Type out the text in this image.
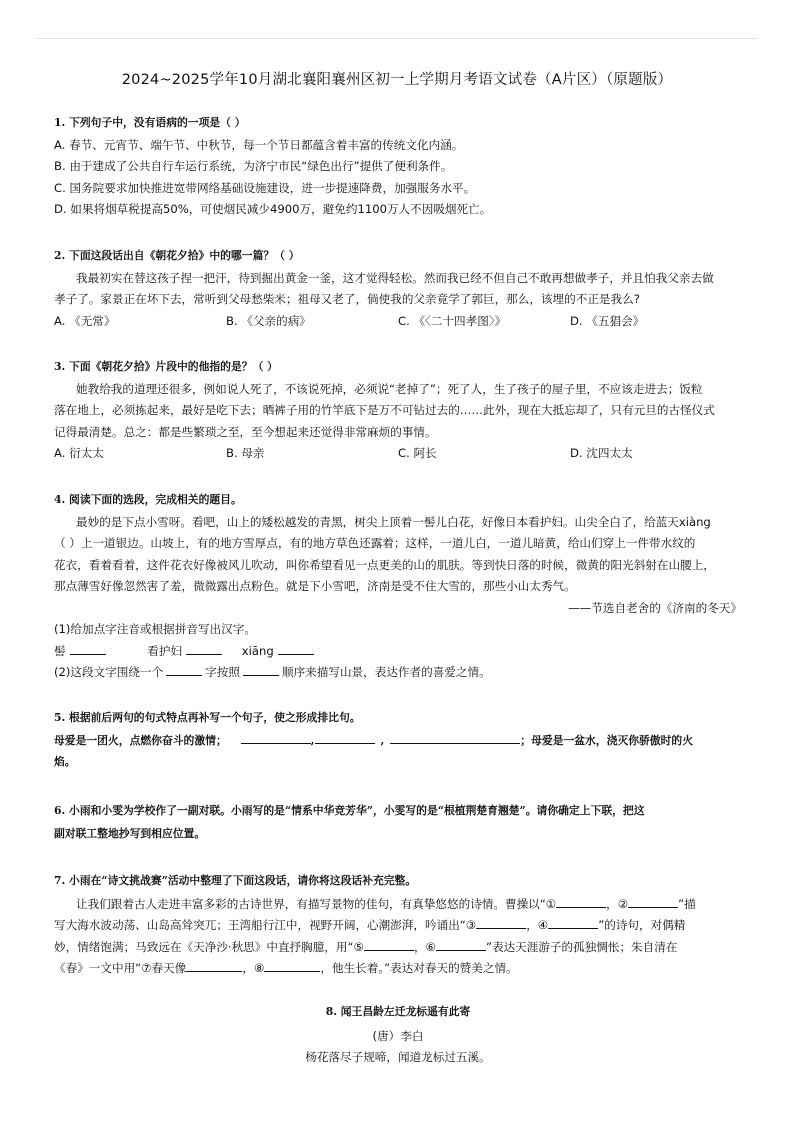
2024~2025学年10月湖北襄阳襄州区初一上学期月考语文试卷（A片区）（原题版）
1. 下列句子中，没有语病的一项是（ ）
A. 春节、元宵节、端午节、中秋节，每一个节日都蕴含着丰富的传统文化内涵。
B. 由于建成了公共自行车运行系统，为济宁市民“绿色出行”提供了便利条件。
C. 国务院要求加快推进宽带网络基础设施建设，进一步提速降费，加强服务水平。
D. 如果将烟草税提高50%，可使烟民减少4900万，避免约1100万人不因吸烟死亡。
2. 下面这段话出自《朝花夕拾》中的哪一篇？（ ）
我最初实在替这孩子捏一把汗，待到掘出黄金一釜，这才觉得轻松。然而我已经不但自己不敢再想做孝子，并且怕我父亲去做
孝子了。家景正在坏下去，常听到父母愁柴米；祖母又老了，倘使我的父亲竟学了郭巨，那么，该埋的不正是我么?
A. 《无常》	B. 《父亲的病》	C. 《〈二十四孝图〉》	D. 《五猖会》
3. 下面《朝花夕拾》片段中的他指的是？（ ）
她教给我的道理还很多，例如说人死了，不该说死掉，必须说“老掉了”；死了人，生了孩子的屋子里，不应该走进去；饭粒
落在地上，必须拣起来，最好是吃下去；晒裤子用的竹竿底下是万不可钻过去的……此外，现在大抵忘却了，只有元旦的古怪仪式
记得最清楚。总之：都是些繁琐之至，至今想起来还觉得非常麻烦的事情。
A. 衍太太	B. 母亲	C. 阿长	D. 沈四太太
4. 阅读下面的选段，完成相关的题目。
最妙的是下点小雪呀。看吧，山上的矮松越发的青黑，树尖上顶着一髻儿白花，好像日本看护妇。山尖全白了，给蓝天xiàng
（ ）上一道银边。山坡上，有的地方雪厚点，有的地方草色还露着；这样，一道儿白，一道儿暗黄，给山们穿上一件带水纹的
花衣，看着看着，这件花衣好像被风儿吹动，叫你希望看见一点更美的山的肌肤。等到快日落的时候，微黄的阳光斜射在山腰上，
那点薄雪好像忽然害了羞，微微露出点粉色。就是下小雪吧，济南是受不住大雪的，那些小山太秀气。
——节选自老舍的《济南的冬天》
(1)给加点字注音或根据拼音写出汉字。
髻	看护妇	xiāng
(2)这段文字围绕一个	字按照	顺序来描写山景，表达作者的喜爱之情。
5. 根据前后两句的句式特点再补写一个句子，使之形成排比句。
母爱是一团火，点燃你奋斗的激情；	,	,	；母爱是一盆水，浇灭你骄傲时的火
焰。
6. 小雨和小雯为学校作了一副对联。小雨写的是“情系中华竞芳华”，小雯写的是“根植荆楚育翘楚”。请你确定上下联，把这
副对联工整地抄写到相应位置。
7. 小雨在“诗文挑战赛”活动中整理了下面这段话，请你将这段话补充完整。
让我们跟着古人走进丰富多彩的古诗世界，有描写景物的佳句，有真挚悠悠的诗情。曹操以“①	，②	”描
写大海水波动荡、山岛高耸突兀；王湾船行江中，视野开阔，心潮澎湃，吟诵出“③	，④	”的诗句，对偶精
妙，情绪饱满；马致远在《天净沙·秋思》中直抒胸臆，用“⑤	，⑥	”表达天涯游子的孤独惆怅；朱自清在
《春》一文中用“⑦春天像	，⑧	，他生长着。”表达对春天的赞美之情。
8. 闻王昌龄左迁龙标遥有此寄
(唐）李白
杨花落尽子规啼，闻道龙标过五溪。
